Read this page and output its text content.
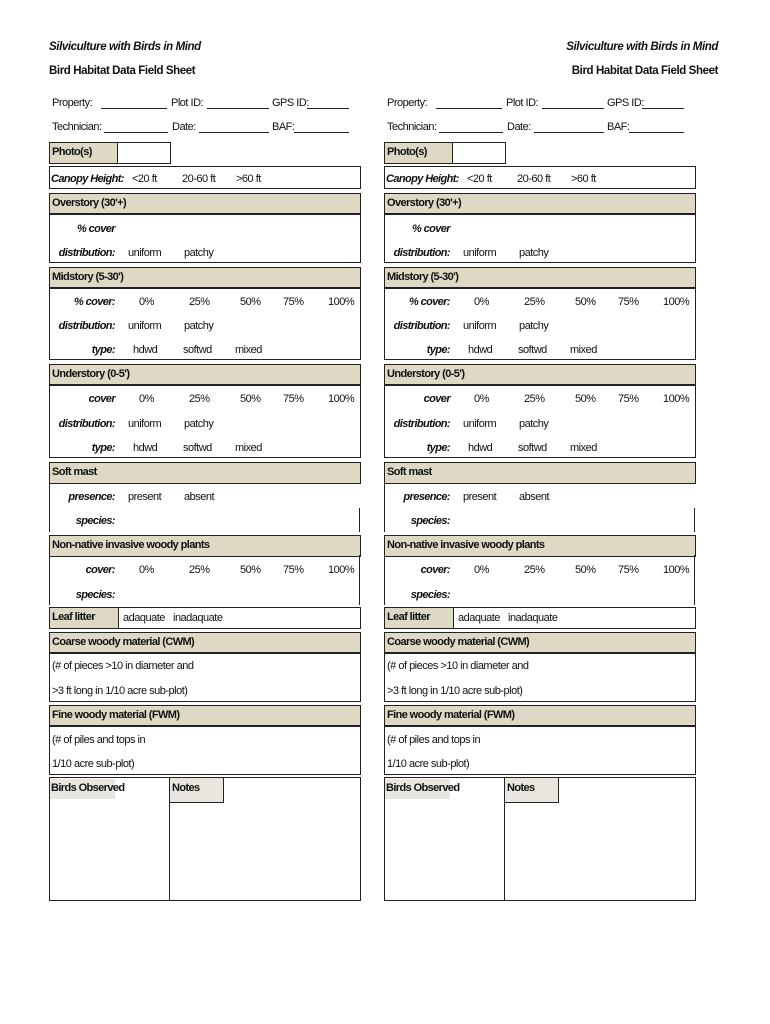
Silviculture with Birds in Mind
Bird Habitat Data Field Sheet
Silviculture with Birds in Mind
Bird Habitat Data Field Sheet
Property:	Plot ID:	GPS ID:
Technician:	Date:	BAF:
Photo(s)
Canopy Height: <20 ft 20-60 ft >60 ft
Overstory (30'+)
% cover
distribution: uniform patchy
Midstory (5-30')
% cover: 0%	25%	50% 75% 100%
distribution: uniform patchy
type: hdwd softwd mixed
Understory (0-5')
cover 0%	25%	50% 75% 100%
distribution: uniform patchy
type: hdwd softwd mixed
Soft mast
presence: present absent
species:
Non-native invasive woody plants
cover: 0%	25%	50% 75% 100%
species:
Leaf litter	adaquate inadaquate
Coarse woody material (CWM)
(# of pieces >10 in diameter and
>3 ft long in 1/10 acre sub-plot)
Fine woody material (FWM)
(# of piles and tops in
1/10 acre sub-plot)
Birds Observed	Notes
Property:	Plot ID:	GPS ID:
Technician:	Date:	BAF:
Photo(s)
Canopy Height: <20 ft 20-60 ft >60 ft
Overstory (30'+)
% cover
distribution: uniform patchy
Midstory (5-30')
% cover: 0%	25%	50% 75% 100%
distribution: uniform patchy
type: hdwd softwd mixed
Understory (0-5')
cover 0%	25%	50% 75% 100%
distribution: uniform patchy
type: hdwd softwd mixed
Soft mast
presence: present absent
species:
Non-native invasive woody plants
cover: 0%	25%	50% 75% 100%
species:
Leaf litter	adaquate inadaquate
Coarse woody material (CWM)
(# of pieces >10 in diameter and
>3 ft long in 1/10 acre sub-plot)
Fine woody material (FWM)
(# of piles and tops in
1/10 acre sub-plot)
Birds Observed	Notes
